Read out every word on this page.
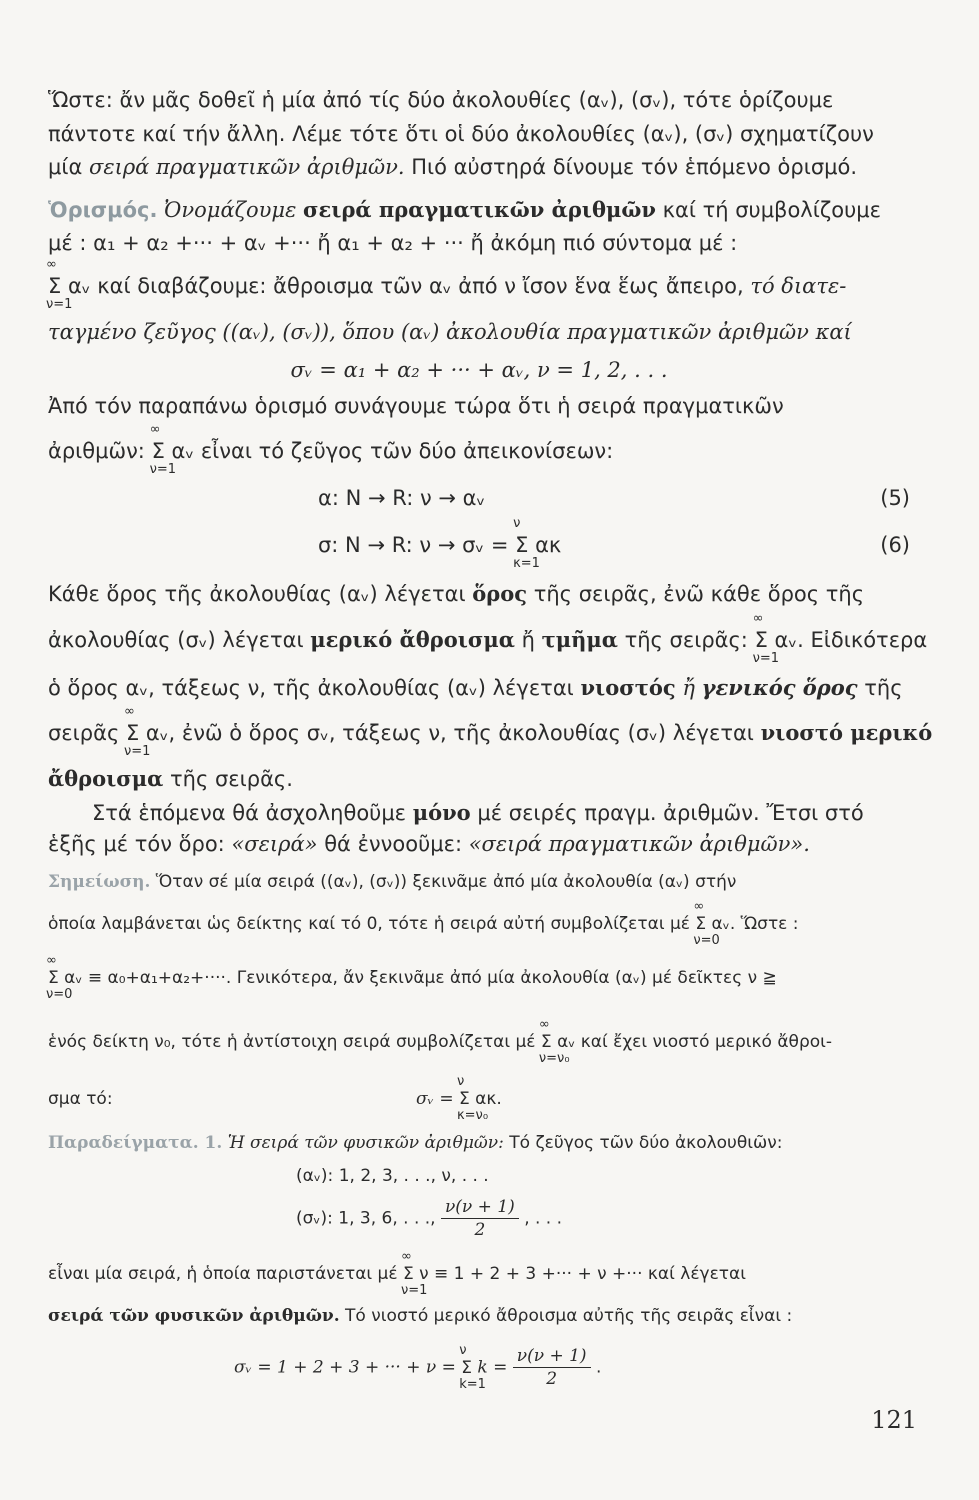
Ὥστε: ἄν μᾶς δοθεῖ ἡ μία ἀπό τίς δύο ἀκολουθίες (αᵥ), (σᵥ), τότε ὁρίζουμε
πάντοτε καί τήν ἄλλη. Λέμε τότε ὅτι οἱ δύο ἀκολουθίες (αᵥ), (σᵥ) σχηματίζουν
μία σειρά πραγματικῶν ἀριθμῶν. Πιό αὐστηρά δίνουμε τόν ἑπόμενο ὁρισμό.
Ὁρισμός. Ὀνομάζουμε σειρά πραγματικῶν ἀριθμῶν καί τή συμβολίζουμε
μέ : α₁ + α₂ +··· + αᵥ +··· ἤ α₁ + α₂ + ··· ἤ ἀκόμη πιό σύντομα μέ :
Σ
∞
ν=1
αᵥ καί διαβάζουμε: ἄθροισμα τῶν αᵥ ἀπό ν ἴσον ἕνα ἕως ἄπειρο, τό διατε-
ταγμένο ζεῦγος ((αᵥ), (σᵥ)), ὅπου (αᵥ) ἀκολουθία πραγματικῶν ἀριθμῶν καί
σᵥ = α₁ + α₂ + ··· + αᵥ, ν = 1, 2, . . .
Ἀπό τόν παραπάνω ὁρισμό συνάγουμε τώρα ὅτι ἡ σειρά πραγματικῶν
ἀριθμῶν: Σ
∞
ν=1
αᵥ εἶναι τό ζεῦγος τῶν δύο ἀπεικονίσεων:
α: N → R: ν → αᵥ	(5)
σ: N → R: ν → σᵥ = Σ
ν
κ=1
ακ	(6)
Κάθε ὅρος τῆς ἀκολουθίας (αᵥ) λέγεται ὅρος τῆς σειρᾶς, ἐνῶ κάθε ὅρος τῆς
ἀκολουθίας (σᵥ) λέγεται μερικό ἄθροισμα ἤ τμῆμα τῆς σειρᾶς: Σ
∞
ν=1
αᵥ. Εἰδικότερα
ὁ ὅρος αᵥ, τάξεως ν, τῆς ἀκολουθίας (αᵥ) λέγεται νιοστός ἤ γενικός ὅρος τῆς
σειρᾶς Σ
∞
ν=1
αᵥ, ἐνῶ ὁ ὅρος σᵥ, τάξεως ν, τῆς ἀκολουθίας (σᵥ) λέγεται νιοστό μερικό
ἄθροισμα τῆς σειρᾶς.
Στά ἑπόμενα θά ἀσχοληθοῦμε μόνο μέ σειρές πραγμ. ἀριθμῶν. Ἔτσι στό
ἑξῆς μέ τόν ὅρο: «σειρά» θά ἐννοοῦμε: «σειρά πραγματικῶν ἀριθμῶν».
Σημείωση. Ὅταν σέ μία σειρά ((αᵥ), (σᵥ)) ξεκινᾶμε ἀπό μία ἀκολουθία (αᵥ) στήν
ὁποία λαμβάνεται ὡς δείκτης καί τό 0, τότε ἡ σειρά αὐτή συμβολίζεται μέ Σ
∞
ν=0
αᵥ. Ὥστε :
Σ
∞
ν=0
αᵥ ≡ α₀+α₁+α₂+····. Γενικότερα, ἄν ξεκινᾶμε ἀπό μία ἀκολουθία (αᵥ) μέ δεῖκτες ν ≧
ἑνός δείκτη ν₀, τότε ἡ ἀντίστοιχη σειρά συμβολίζεται μέ Σ
∞
ν=ν₀
αᵥ καί ἔχει νιοστό μερικό ἄθροι-
σμα τό:	σᵥ = Σ
ν
κ=ν₀
ακ.
Παραδείγματα. 1. Ἡ σειρά τῶν φυσικῶν ἀριθμῶν: Τό ζεῦγος τῶν δύο ἀκολουθιῶν:
(αᵥ): 1, 2, 3, . . ., ν, . . .
(σᵥ): 1, 3, 6, . . ., $\frac{\nu(\nu + 1)}{2}$ , . . .
εἶναι μία σειρά, ἡ ὁποία παριστάνεται μέ Σ
∞
ν=1
ν ≡ 1 + 2 + 3 +··· + ν +··· καί λέγεται
σειρά τῶν φυσικῶν ἀριθμῶν. Τό νιοστό μερικό ἄθροισμα αὐτῆς τῆς σειρᾶς εἶναι :
σᵥ = 1 + 2 + 3 + ··· + ν = Σ
ν
k=1
$k = \frac{\nu(\nu + 1)}{2}$ .
121
